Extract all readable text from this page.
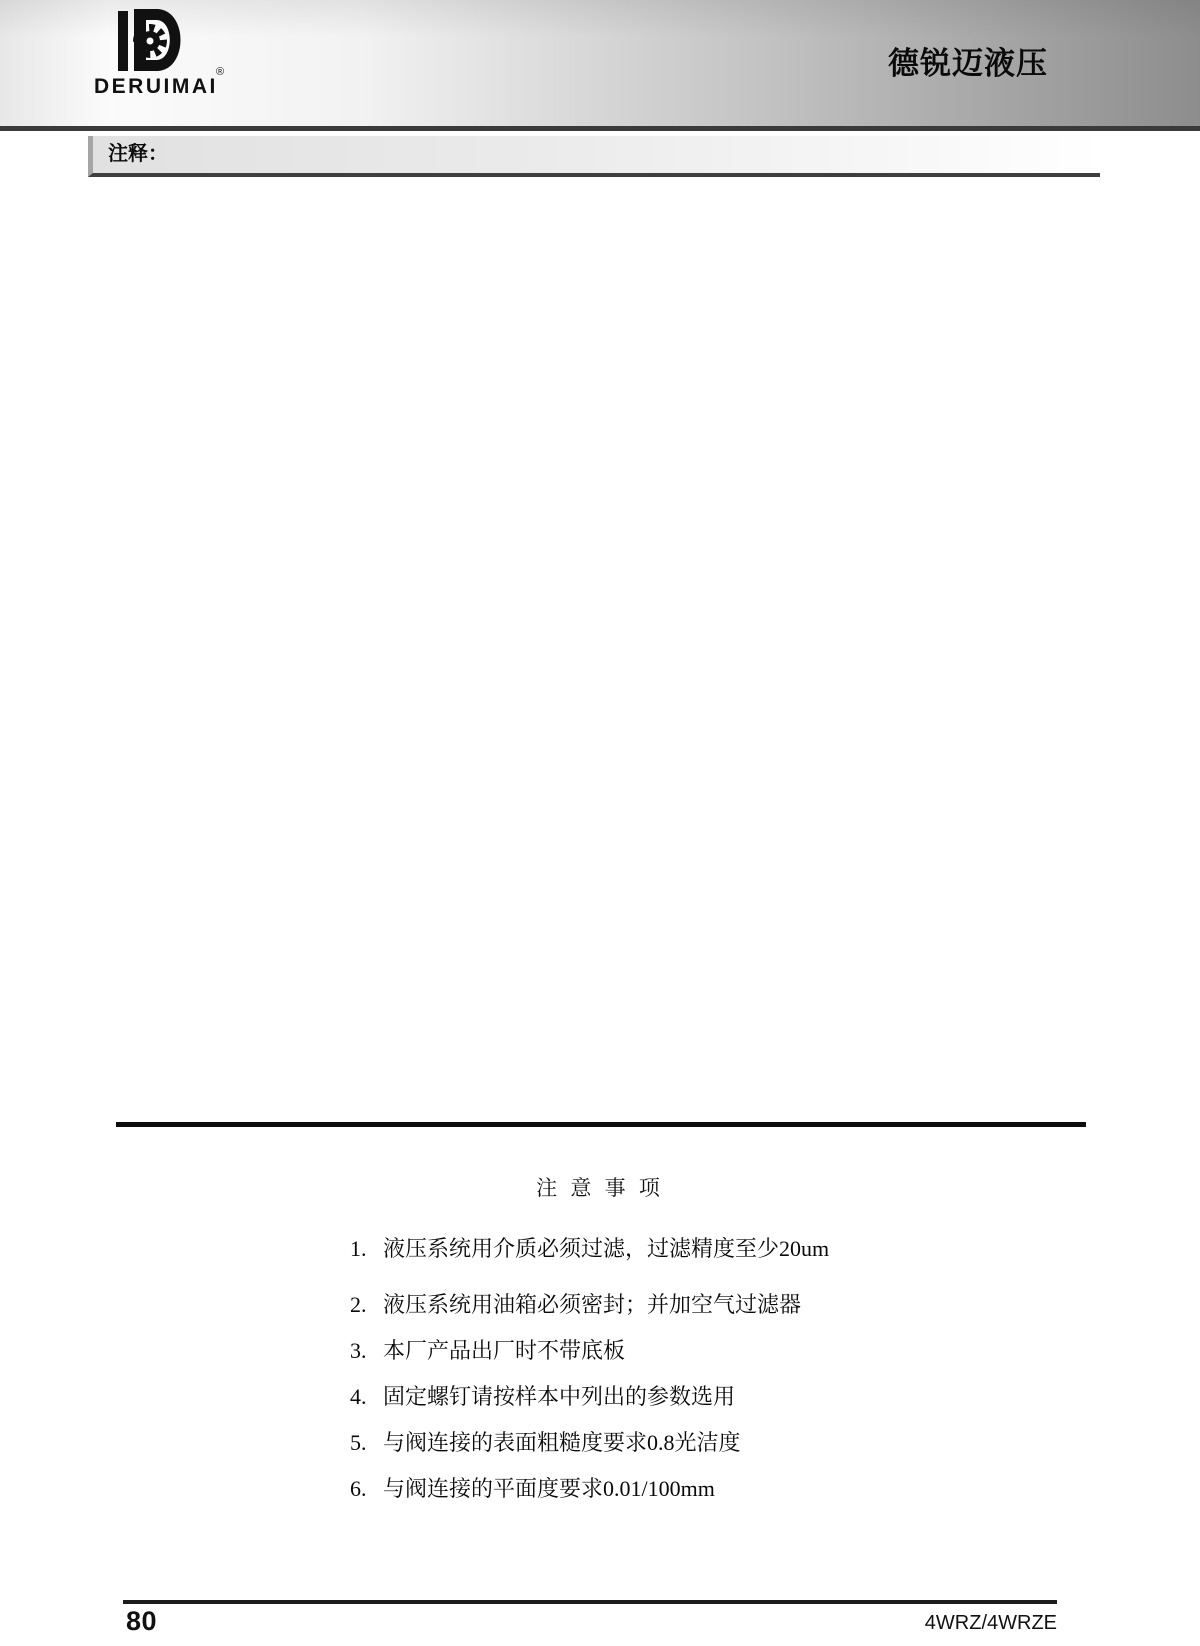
®
DERUIMAI
德锐迈液压
注释：
注 意 事 项
1. 液压系统用介质必须过滤，过滤精度至少20um
2. 液压系统用油箱必须密封；并加空气过滤器
3. 本厂产品出厂时不带底板
4. 固定螺钉请按样本中列出的参数选用
5. 与阀连接的表面粗糙度要求0.8光洁度
6. 与阀连接的平面度要求0.01/100mm
80	4WRZ/4WRZE
